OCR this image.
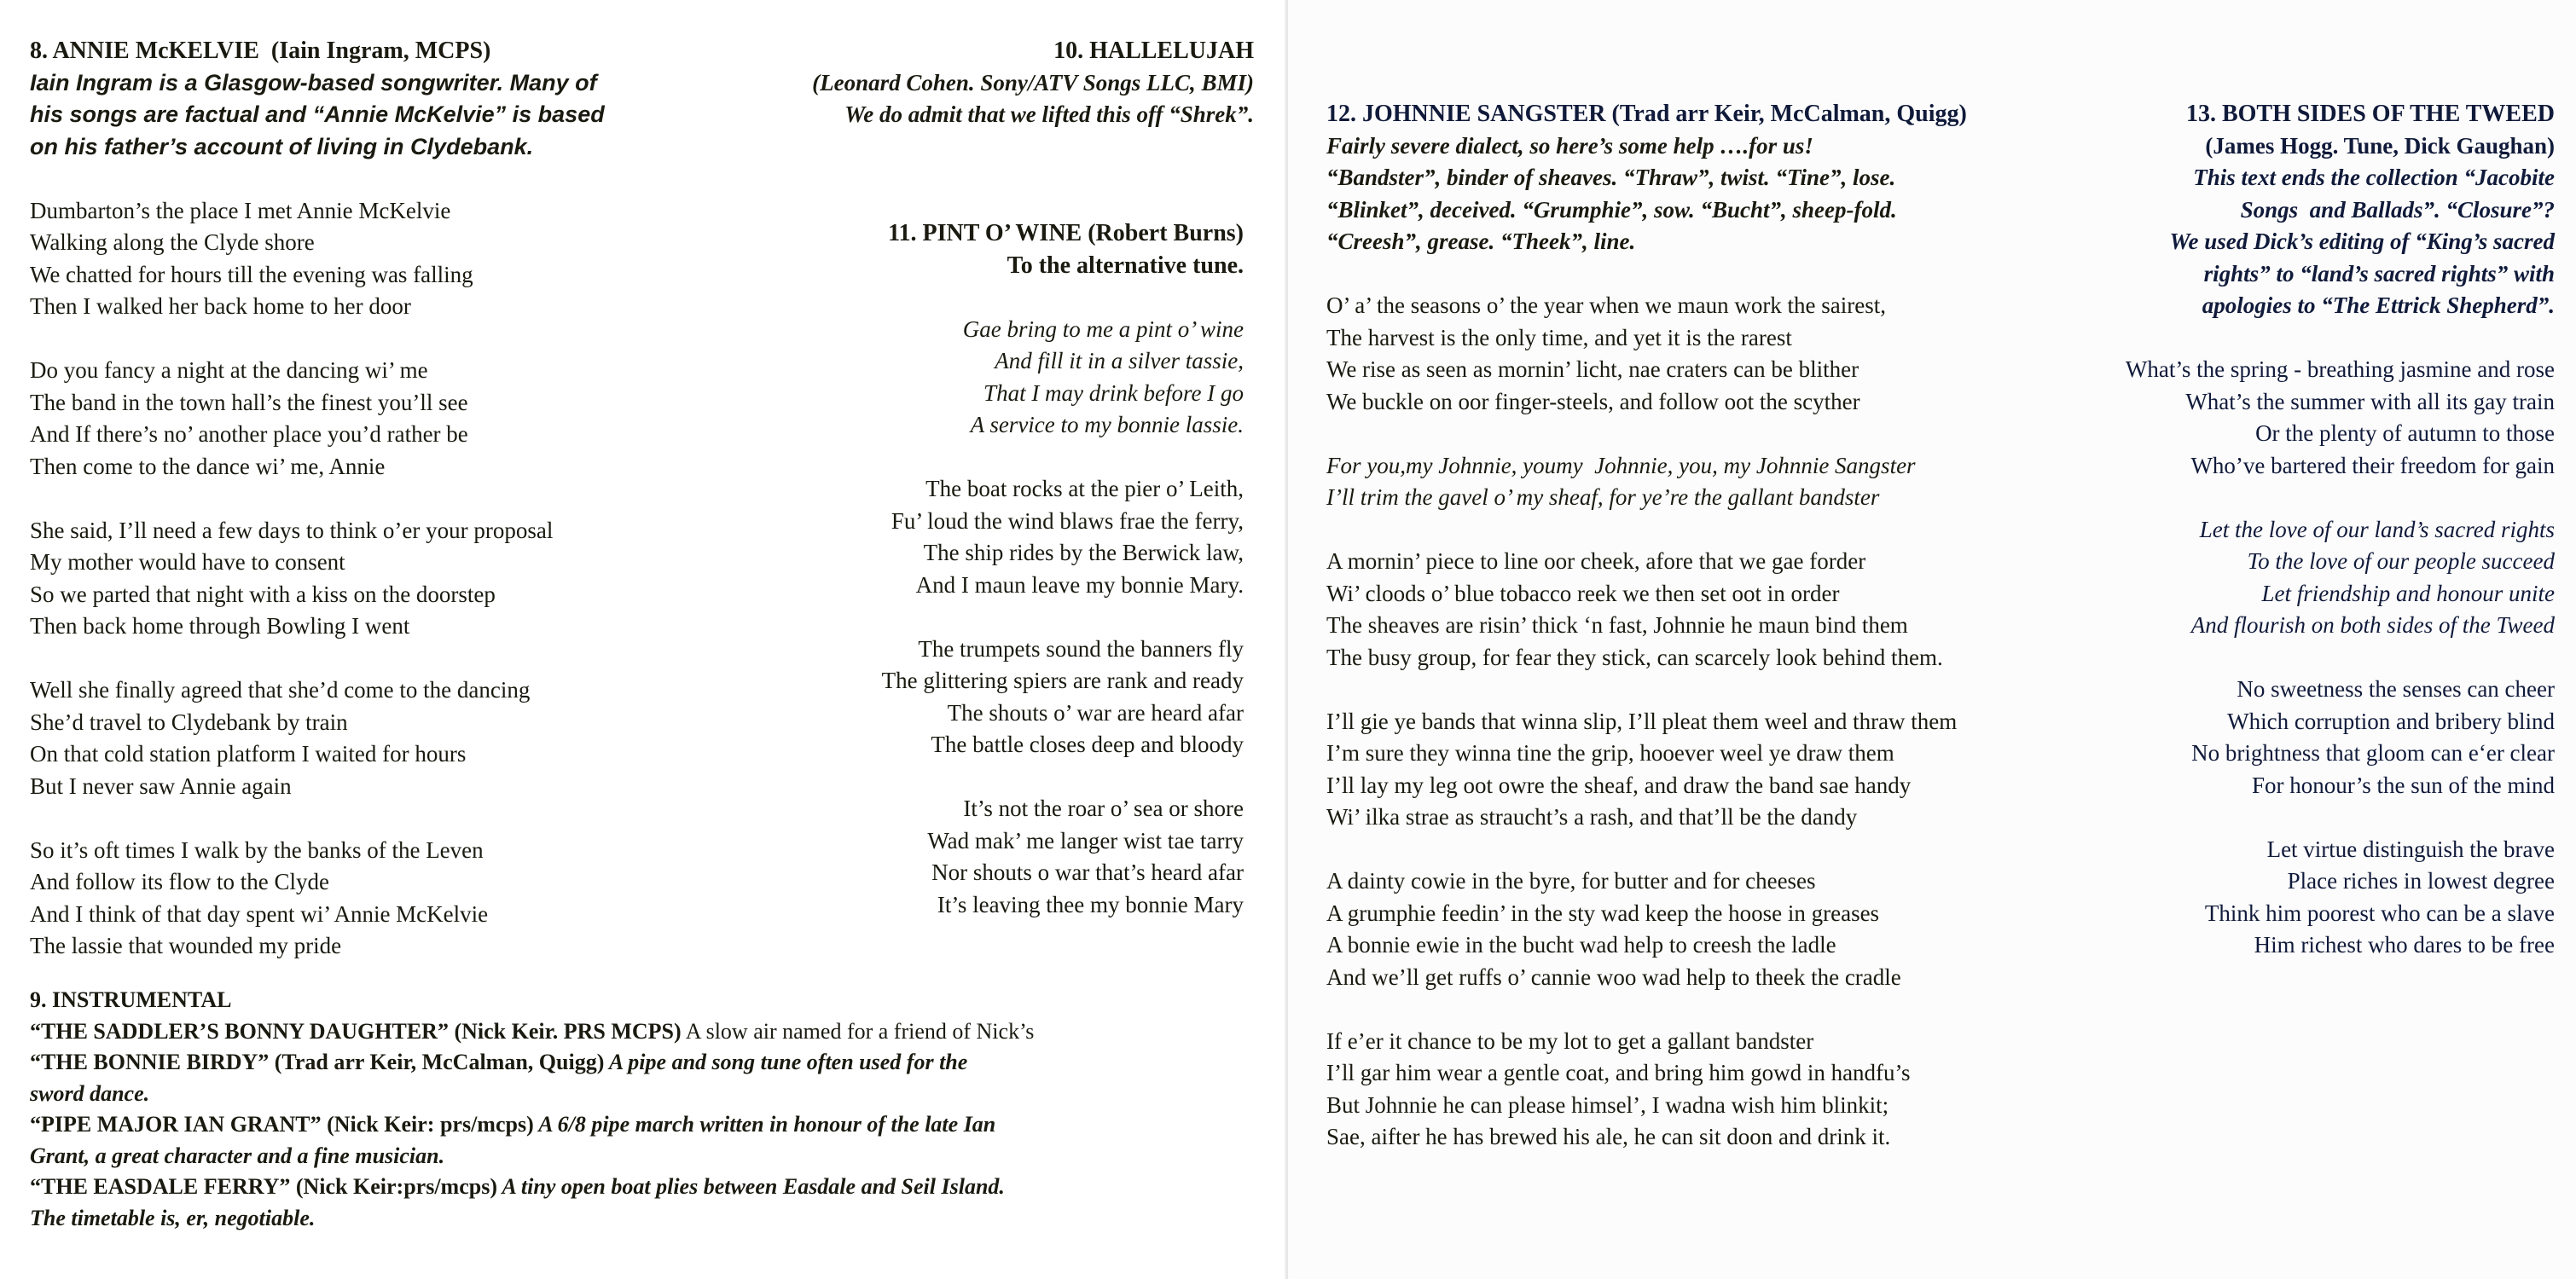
8. ANNIE McKELVIE  (Iain Ingram, MCPS)
Iain Ingram is a Glasgow-based songwriter. Many of
his songs are factual and “Annie McKelvie” is based
on his father’s account of living in Clydebank.
Dumbarton’s the place I met Annie McKelvie
Walking along the Clyde shore
We chatted for hours till the evening was falling
Then I walked her back home to her door
Do you fancy a night at the dancing wi’ me
The band in the town hall’s the finest you’ll see
And If there’s no’ another place you’d rather be
Then come to the dance wi’ me, Annie
She said, I’ll need a few days to think o’er your proposal
My mother would have to consent
So we parted that night with a kiss on the doorstep
Then back home through Bowling I went
Well she finally agreed that she’d come to the dancing
She’d travel to Clydebank by train
On that cold station platform I waited for hours
But I never saw Annie again
So it’s oft times I walk by the banks of the Leven
And follow its flow to the Clyde
And I think of that day spent wi’ Annie McKelvie
The lassie that wounded my pride
9. INSTRUMENTAL
“THE SADDLER’S BONNY DAUGHTER” (Nick Keir. PRS MCPS) A slow air named for a friend of Nick’s
“THE BONNIE BIRDY” (Trad arr Keir, McCalman, Quigg) A pipe and song tune often used for the
sword dance.
“PIPE MAJOR IAN GRANT” (Nick Keir: prs/mcps) A 6/8 pipe march written in honour of the late Ian
Grant, a great character and a fine musician.
“THE EASDALE FERRY” (Nick Keir:prs/mcps) A tiny open boat plies between Easdale and Seil Island.
The timetable is, er, negotiable.
10. HALLELUJAH
(Leonard Cohen. Sony/ATV Songs LLC, BMI)
We do admit that we lifted this off “Shrek”.
11. PINT O’ WINE (Robert Burns)
To the alternative tune.
Gae bring to me a pint o’ wine
And fill it in a silver tassie,
That I may drink before I go
A service to my bonnie lassie.
The boat rocks at the pier o’ Leith,
Fu’ loud the wind blaws frae the ferry,
The ship rides by the Berwick law,
And I maun leave my bonnie Mary.
The trumpets sound the banners fly
The glittering spiers are rank and ready
The shouts o’ war are heard afar
The battle closes deep and bloody
It’s not the roar o’ sea or shore
Wad mak’ me langer wist tae tarry
Nor shouts o war that’s heard afar
It’s leaving thee my bonnie Mary
12. JOHNNIE SANGSTER (Trad arr Keir, McCalman, Quigg)
Fairly severe dialect, so here’s some help ….for us!
“Bandster”, binder of sheaves. “Thraw”, twist. “Tine”, lose.
“Blinket”, deceived. “Grumphie”, sow. “Bucht”, sheep-fold.
“Creesh”, grease. “Theek”, line.
O’ a’ the seasons o’ the year when we maun work the sairest,
The harvest is the only time, and yet it is the rarest
We rise as seen as mornin’ licht, nae craters can be blither
We buckle on oor finger-steels, and follow oot the scyther
For you,my Johnnie, youmy  Johnnie, you, my Johnnie Sangster
I’ll trim the gavel o’ my sheaf, for ye’re the gallant bandster
A mornin’ piece to line oor cheek, afore that we gae forder
Wi’ cloods o’ blue tobacco reek we then set oot in order
The sheaves are risin’ thick ‘n fast, Johnnie he maun bind them
The busy group, for fear they stick, can scarcely look behind them.
I’ll gie ye bands that winna slip, I’ll pleat them weel and thraw them
I’m sure they winna tine the grip, hooever weel ye draw them
I’ll lay my leg oot owre the sheaf, and draw the band sae handy
Wi’ ilka strae as straucht’s a rash, and that’ll be the dandy
A dainty cowie in the byre, for butter and for cheeses
A grumphie feedin’ in the sty wad keep the hoose in greases
A bonnie ewie in the bucht wad help to creesh the ladle
And we’ll get ruffs o’ cannie woo wad help to theek the cradle
If e’er it chance to be my lot to get a gallant bandster
I’ll gar him wear a gentle coat, and bring him gowd in handfu’s
But Johnnie he can please himsel’, I wadna wish him blinkit;
Sae, aifter he has brewed his ale, he can sit doon and drink it.
13. BOTH SIDES OF THE TWEED
(James Hogg. Tune, Dick Gaughan)
This text ends the collection “Jacobite
Songs  and Ballads”. “Closure”?
We used Dick’s editing of “King’s sacred
rights” to “land’s sacred rights” with
apologies to “The Ettrick Shepherd”.
What’s the spring - breathing jasmine and rose
What’s the summer with all its gay train
Or the plenty of autumn to those
Who’ve bartered their freedom for gain
Let the love of our land’s sacred rights
To the love of our people succeed
Let friendship and honour unite
And flourish on both sides of the Tweed
No sweetness the senses can cheer
Which corruption and bribery blind
No brightness that gloom can e‘er clear
For honour’s the sun of the mind
Let virtue distinguish the brave
Place riches in lowest degree
Think him poorest who can be a slave
Him richest who dares to be free
